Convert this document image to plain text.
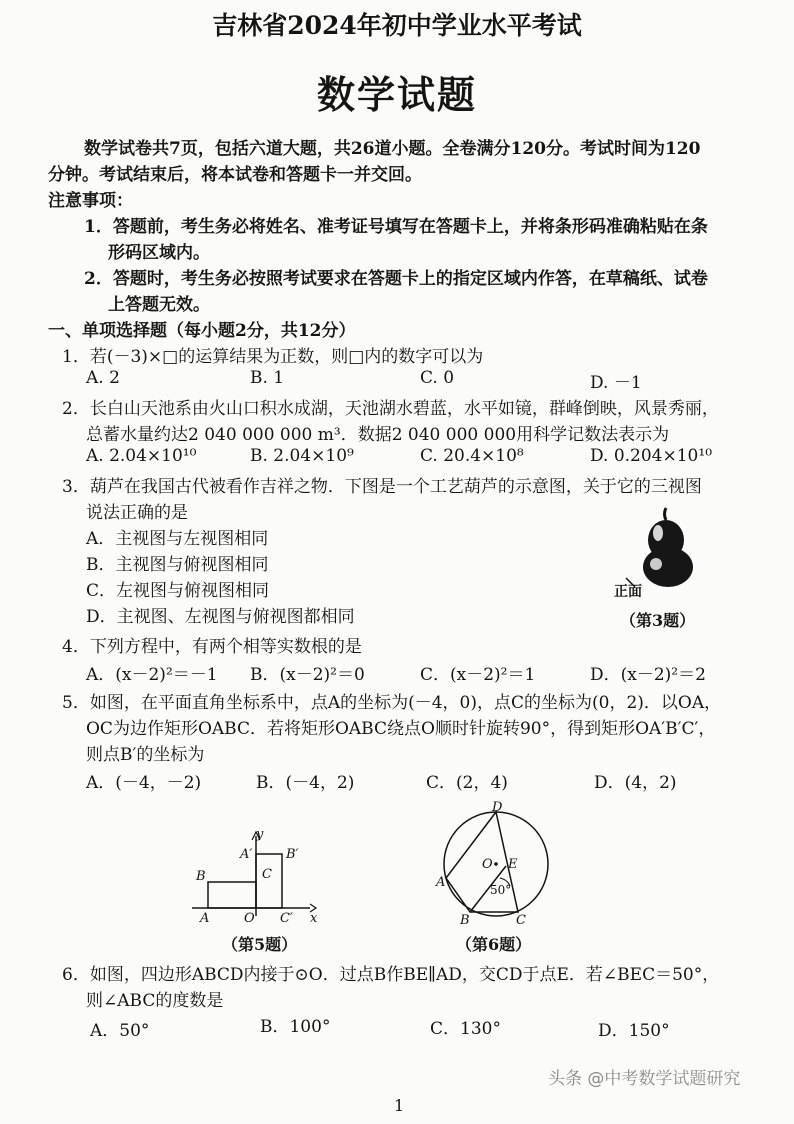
吉林省2024年初中学业水平考试
数学试题
数学试卷共7页，包括六道大题，共26道小题。全卷满分120分。考试时间为120
分钟。考试结束后，将本试卷和答题卡一并交回。
注意事项：
1．答题前，考生务必将姓名、准考证号填写在答题卡上，并将条形码准确粘贴在条
形码区域内。
2．答题时，考生务必按照考试要求在答题卡上的指定区域内作答，在草稿纸、试卷
上答题无效。
一、单项选择题（每小题2分，共12分）
1．若(－3)×□的运算结果为正数，则□内的数字可以为
A. 2	B. 1	C. 0	D. －1
2．长白山天池系由火山口积水成湖，天池湖水碧蓝，水平如镜，群峰倒映，风景秀丽，
总蓄水量约达2 040 000 000 m³．数据2 040 000 000用科学记数法表示为
A. 2.04×10¹⁰	B. 2.04×10⁹	C. 20.4×10⁸	D. 0.204×10¹⁰
3．葫芦在我国古代被看作吉祥之物．下图是一个工艺葫芦的示意图，关于它的三视图
说法正确的是
A．主视图与左视图相同
B．主视图与俯视图相同
C．左视图与俯视图相同
D．主视图、左视图与俯视图都相同
正面
（第3题）
4．下列方程中，有两个相等实数根的是
A．(x－2)²＝－1 B．(x－2)²＝0	C．(x－2)²＝1	D．(x－2)²＝2
5．如图，在平面直角坐标系中，点A的坐标为(－4，0)，点C的坐标为(0，2)．以OA，
OC为边作矩形OABC．若将矩形OABC绕点O顺时针旋转90°，得到矩形OA′B′C′，
则点B′的坐标为
A．(－4，－2)	B．(－4，2)	C．(2，4)	D．(4，2)
y
x
A′	B′
B	C
A	O C′
（第5题）
D
O E
A
B	C
50°
（第6题）
6．如图，四边形ABCD内接于⊙O．过点B作BE∥AD，交CD于点E．若∠BEC＝50°，
则∠ABC的度数是
A．50°	B．100°	C．130°	D．150°
头条 @中考数学试题研究
1
